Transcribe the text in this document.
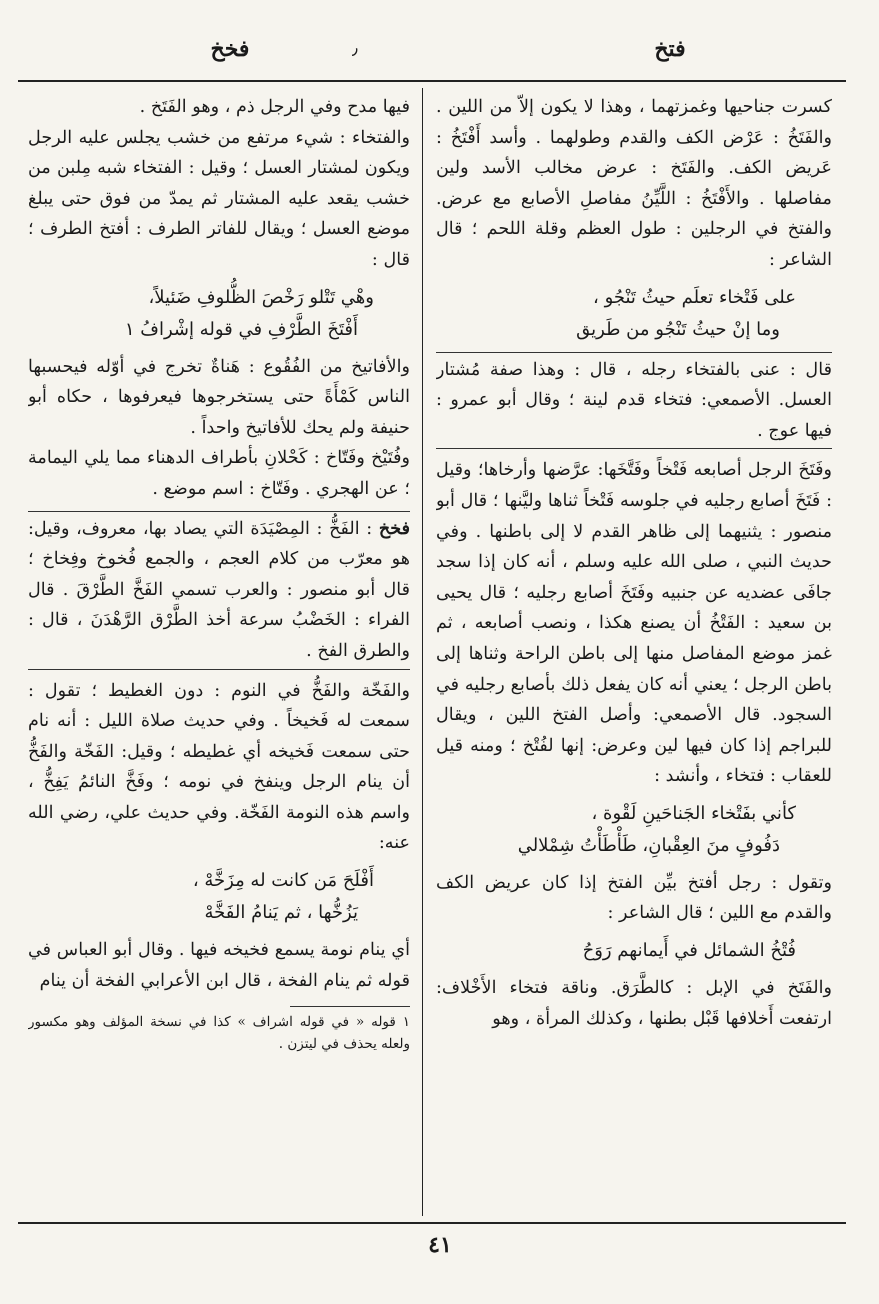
فتخ
٫
فخخ

كسرت جناحيها وغمزتهما ، وهذا لا يكون إلاّ من اللين . والفَتَخُ : عَرْض الكف والقدم وطولهما . وأسد أَفْتَخُ : عَريض الكف. والفَتَخ : عرض مخالب الأسد ولين مفاصلها . والأَفْتَخُ : اللَّيِّنُ مفاصلِ الأصابع مع عرض. والفتخ في الرجلين : طول العظم وقلة اللحم ؛ قال الشاعر :

على فَتْخاء تعلَم حيثُ تَنْجُو ،
وما إنْ حيثُ تَنْجُو من طَريق

قال : عنى بالفتخاء رجله ، قال : وهذا صفة مُشتار العسل. الأصمعي: فتخاء قدم لينة ؛ وقال أبو عمرو : فيها عوج .

وفَتَخَ الرجل أصابعه فَتْخاً وفَتَّخَها: عرَّضها وأرخاها؛ وقيل : فَتَخَ أصابع رجليه في جلوسه فَتْخاً ثناها وليَّنها ؛ قال أبو منصور : يثنيهما إلى ظاهر القدم لا إلى باطنها . وفي حديث النبي ، صلى الله عليه وسلم ، أنه كان إذا سجد جافَى عضديه عن جنبيه وفَتَخَ أصابع رجليه ؛ قال يحيى بن سعيد : الفَتْخُ أن يصنع هكذا ، ونصب أصابعه ، ثم غمز موضع المفاصل منها إلى باطن الراحة وثناها إلى باطن الرجل ؛ يعني أنه كان يفعل ذلك بأصابع رجليه في السجود. قال الأصمعي: وأصل الفتخ اللين ، ويقال للبراجم إذا كان فيها لين وعرض: إنها لفُتْخ ؛ ومنه قيل للعقاب : فتخاء ، وأنشد :

كأني بفَتْخاء الجَناحَينِ لَقْوة ،
دَفُوفٍ منَ العِقْبانِ، طَأْطَأْتُ شِمْلالي

وتقول : رجل أفتخ بيِّن الفتخ إذا كان عريض الكف والقدم مع اللين ؛ قال الشاعر :

فُتْخُ الشمائل في أَيمانهم رَوَحُ

والفَتَخ في الإبل : كالطَّرَق. وناقة فتخاء الأَخْلاف: ارتفعت أَخلافها قَبْل بطنها ، وكذلك المرأة ، وهو

فيها مدح وفي الرجل ذم ، وهو الفَتَخ .

والفتخاء : شيء مرتفع من خشب يجلس عليه الرجل ويكون لمشتار العسل ؛ وقيل : الفتخاء شبه مِلبن من خشب يقعد عليه المشتار ثم يمدّ من فوق حتى يبلغ موضع العسل ؛ ويقال للفاتر الطرف : أفتخ الطرف ؛ قال :

وهْي تَتْلو رَخْصَ الظُّلوفِ ضَئيلاً،
أَفْتَخَ الطَّرْفِ في قوله إشْرافُ ١

والأفاتيخ من الفُقُوع : هَناةٌ تخرج في أوّله فيحسبها الناس كَمْأَةً حتى يستخرجوها فيعرفوها ، حكاه أبو حنيفة ولم يحك للأفاتيخ واحداً .

وفُتَيْخ وفَتّاخ : كَحْلانِ بأطراف الدهناء مما يلي اليمامة ؛ عن الهجري . وفَتّاخ : اسم موضع .

فخخ : الفَخُّ : المِصْيَدَة التي يصاد بها، معروف، وقيل: هو معرّب من كلام العجم ، والجمع فُخوخ وفِخاخ ؛ قال أبو منصور : والعرب تسمي الفَخَّ الطَّرْقَ . قال الفراء : الخَضْبُ سرعة أخذ الطَّرْق الرَّهْدَنَ ، قال : والطرق الفخ .

والفَخّة والفَخُّ في النوم : دون الغطيط ؛ تقول : سمعت له فَخيخاً . وفي حديث صلاة الليل : أنه نام حتى سمعت فَخيخه أي غطيطه ؛ وقيل: الفَخّة والفَخُّ أن ينام الرجل وينفخ في نومه ؛ وفَخَّ النائمُ يَفِخُّ ، واسم هذه النومة الفَخّة. وفي حديث علي، رضي الله عنه:

أَفْلَحَ مَن كانت له مِزَخَّهْ ،
يَزُخُّها ، ثم يَنامُ الفَخَّهْ

أي ينام نومة يسمع فخيخه فيها . وقال أبو العباس في قوله ثم ينام الفخة ، قال ابن الأعرابي الفخة أن ينام

١ قوله « في قوله اشراف » كذا في نسخة المؤلف وهو مكسور ولعله يحذف في ليتزن .

٤١
